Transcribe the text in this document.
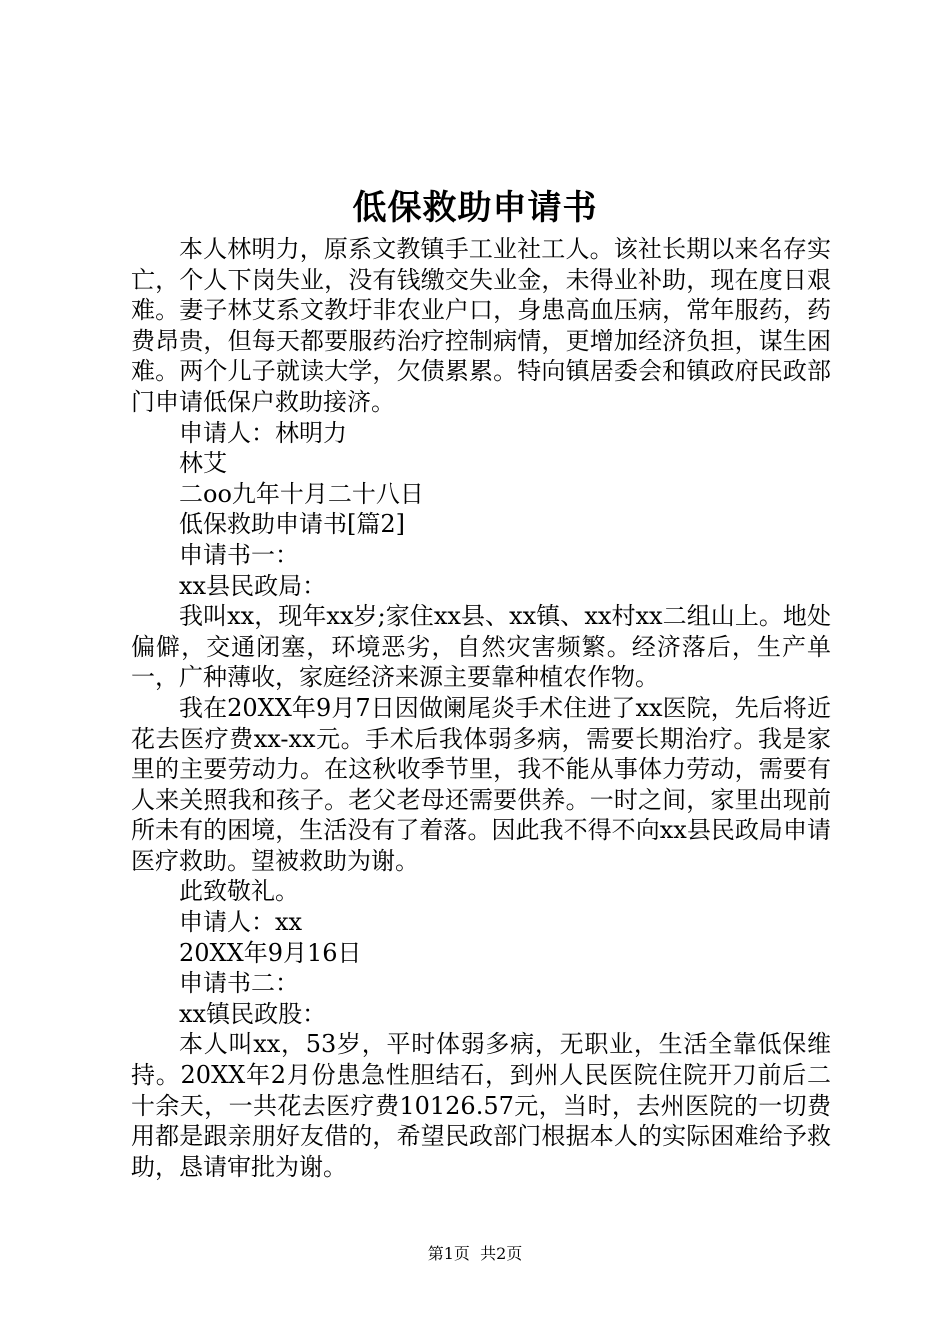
低保救助申请书

本人林明力，原系文教镇手工业社工人。该社长期以来名存实亡，个人下岗失业，没有钱缴交失业金，未得业补助，现在度日艰难。妻子林艾系文教圩非农业户口，身患高血压病，常年服药，药费昂贵，但每天都要服药治疗控制病情，更增加经济负担，谋生困难。两个儿子就读大学，欠债累累。特向镇居委会和镇政府民政部门申请低保户救助接济。

申请人：林明力

林艾

二oo九年十月二十八日

低保救助申请书[篇2]

申请书一：

xx县民政局：

我叫xx，现年xx岁;家住xx县、xx镇、xx村xx二组山上。地处偏僻，交通闭塞，环境恶劣，自然灾害频繁。经济落后，生产单一，广种薄收，家庭经济来源主要靠种植农作物。

我在20XX年9月7日因做阑尾炎手术住进了xx医院，先后将近花去医疗费xx-xx元。手术后我体弱多病，需要长期治疗。我是家里的主要劳动力。在这秋收季节里，我不能从事体力劳动，需要有人来关照我和孩子。老父老母还需要供养。一时之间，家里出现前所未有的困境，生活没有了着落。因此我不得不向xx县民政局申请医疗救助。望被救助为谢。

此致敬礼。

申请人：xx

20XX年9月16日

申请书二：

xx镇民政股：

本人叫xx，53岁，平时体弱多病，无职业，生活全靠低保维持。20XX年2月份患急性胆结石，到州人民医院住院开刀前后二十余天，一共花去医疗费10126.57元，当时，去州医院的一切费用都是跟亲朋好友借的，希望民政部门根据本人的实际困难给予救助，恳请审批为谢。

第1页  共2页
